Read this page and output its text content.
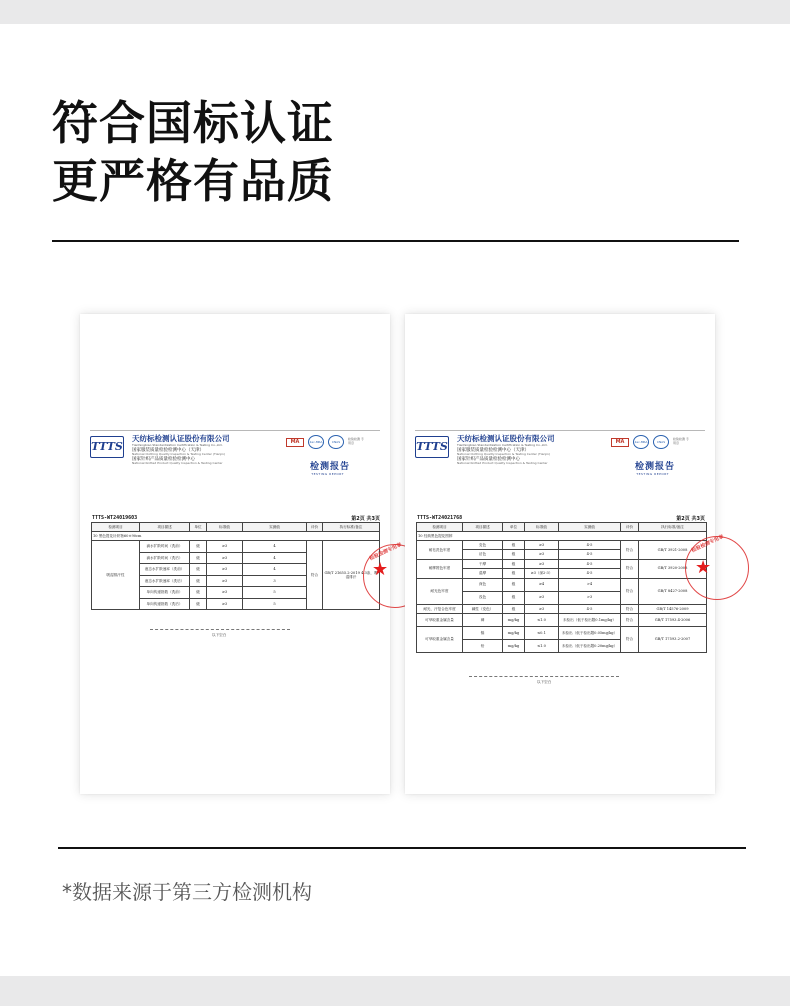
符合国标认证
更严格有品质
TTTS
天纺标检测认证股份有限公司
Tianfangbiao Standardization Certification & Testing Co.,Ltd.
国家服装质量检验检测中心（天津）
National Clothing Quality Inspection & Testing Center (Tianjin)
国家针织产品质量检验检测中心
National Knitted Product Quality Inspection & Testing Center
MA	ilac-MRA	CNAS
检验检测 专用章
检测报告
TESTING REPORT
TTTS-WT24019603	第2页 共3页
检测项目	项目描述	单位	标准值	实测值	评价	执行标准/备注
10 黑色提花针织物60×90cm						
吸湿排汗性	滴水扩散时间（洗前）	级	≥3	4	符合	GB/T 21655.2-2019 4.3条，吸湿排汗
	滴水扩散时间（洗后）	级	≥3	4		
	液态水扩散速率（洗前）	级	≥3	4		
	液态水扩散速率（洗后）	级	≥3	3		
	单向传递指数（洗前）	级	≥3	5		
	单向传递指数（洗后）	级	≥3	5		
以下空白
★
检验检测专用章
TTTS
天纺标检测认证股份有限公司
Tianfangbiao Standardization Certification & Testing Co.,Ltd.
国家服装质量检验检测中心（天津）
National Clothing Quality Inspection & Testing Center (Tianjin)
国家针织产品质量检验检测中心
National Knitted Product Quality Inspection & Testing Center
MA	ilac-MRA	CNAS
检验检测 专用章
检测报告
TESTING REPORT
TTTS-WT24021768	第2页 共3页
检测项目	项目描述	单位	标准值	实测值	评价	执行标准/备注
10 经典黑色提花围脖						
耐皂洗色牢度	变色	级	≥3	4-5	符合	GB/T 3921-2008
	沾色	级	≥3	4-5		
耐摩擦色牢度	干摩	级	≥3	4-5	符合	GB/T 3920-2008
	湿摩	级	≥3（深2-3）	4-5		
耐光色牢度	深色	级	≥4	>4	符合	GB/T 8427-2008
	浅色	级	≥3	>3		
耐光、汗复合色牢度	碱性（变色）	级	≥3	4-5	符合	GB/T 14576-2009
可萃取重金属含量	砷	mg/kg	≤1.0	未检出（低于检出限0.1mg/kg）	符合	GB/T 17593.4-2006
可萃取重金属含量	镉	mg/kg	≤0.1	未检出（低于检出限0.05mg/kg）	符合	GB/T 17593.2-2007
	铅	mg/kg	≤1.0	未检出（低于检出限0.20mg/kg）		
以下空白
★
检验检测专用章
*数据来源于第三方检测机构
